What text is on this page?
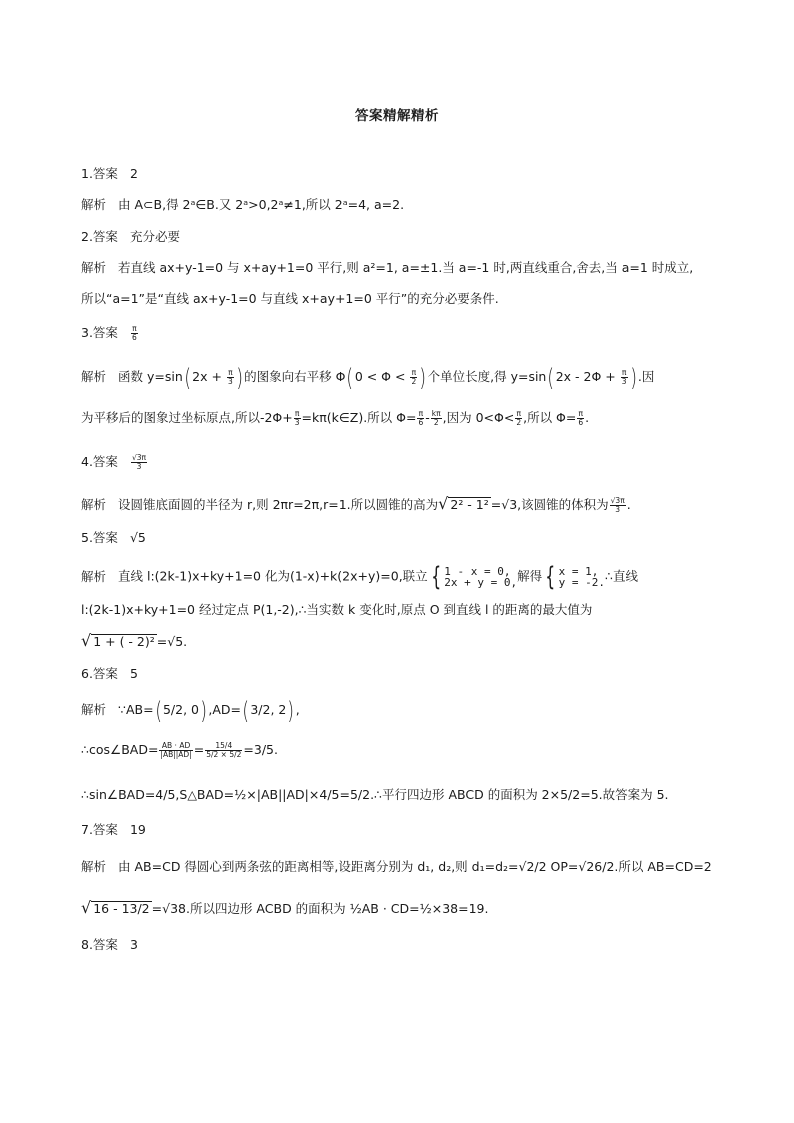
答案精解精析
1.答案 2
解析 由 A⊂B,得 2ᵃ∈B.又 2ᵃ>0,2ᵃ≠1,所以 2ᵃ=4, a=2.
2.答案 充分必要
解析 若直线 ax+y-1=0 与 x+ay+1=0 平行,则 a²=1, a=±1.当 a=-1 时,两直线重合,舍去,当 a=1 时成立,
所以“a=1”是“直线 ax+y-1=0 与直线 x+ay+1=0 平行”的充分必要条件.
3.答案 $\frac{\pi}{6}$
解析 函数 $y=\sin(2x + \frac{\pi}{3}$ )的图象向右平移 $\Phi(0 < \Phi < \frac{\pi}{2}$ )个单位长度,得 $y=\sin(2x - 2\Phi + \frac{\pi}{3}$ ).因
为平移后的图象过坐标原点,所以$-2\Phi+ \frac{\pi}{3}$ =kπ(k∈Z).所以 $\Phi= \frac{\pi}{6} - \frac{k\pi}{2}$ ,因为 $0<\Phi< \frac{\pi}{2}$ ,所以 $\Phi= \frac{\pi}{6}$ .
4.答案 $\frac{√3\pi}{3}$
解析 设圆锥底面圆的半径为 r,则 2πr=2π,r=1.所以圆锥的高为√ 2² - 1² =√3,该圆锥的体积为 $\frac{√3\pi}{3}$ .
5.答案 √5
解析 直线 l:(2k-1)x+ky+1=0 化为(1-x)+k(2x+y)=0,联立 { 1 - x = 0,
2x + y = 0, 解得 { x = 1,
y = -2. ∴直线
l:(2k-1)x+ky+1=0 经过定点 P(1,-2),∴当实数 k 变化时,原点 O 到直线 l 的距离的最大值为
√ 1 + ( - 2)² =√5.
6.答案 5
解析 ∵AB=(5/2, 0),AD=(3/2, 2),
∴cos∠BAD= $\frac{AB \cdot AD}{|AB||AD|} = \frac{15/4}{5/2 \times 5/2} =3/5$.
∴sin∠BAD=4/5,S△BAD=½×|AB||AD|×4/5=5/2.∴平行四边形 ABCD 的面积为 2×5/2=5.故答案为 5.
7.答案 19
解析 由 AB=CD 得圆心到两条弦的距离相等,设距离分别为 d₁, d₂,则 d₁=d₂=√2/2 OP=√26/2.所以 AB=CD=2
√ 16 - 13/2 =√38.所以四边形 ACBD 的面积为 ½AB · CD=½×38=19.
8.答案 3
